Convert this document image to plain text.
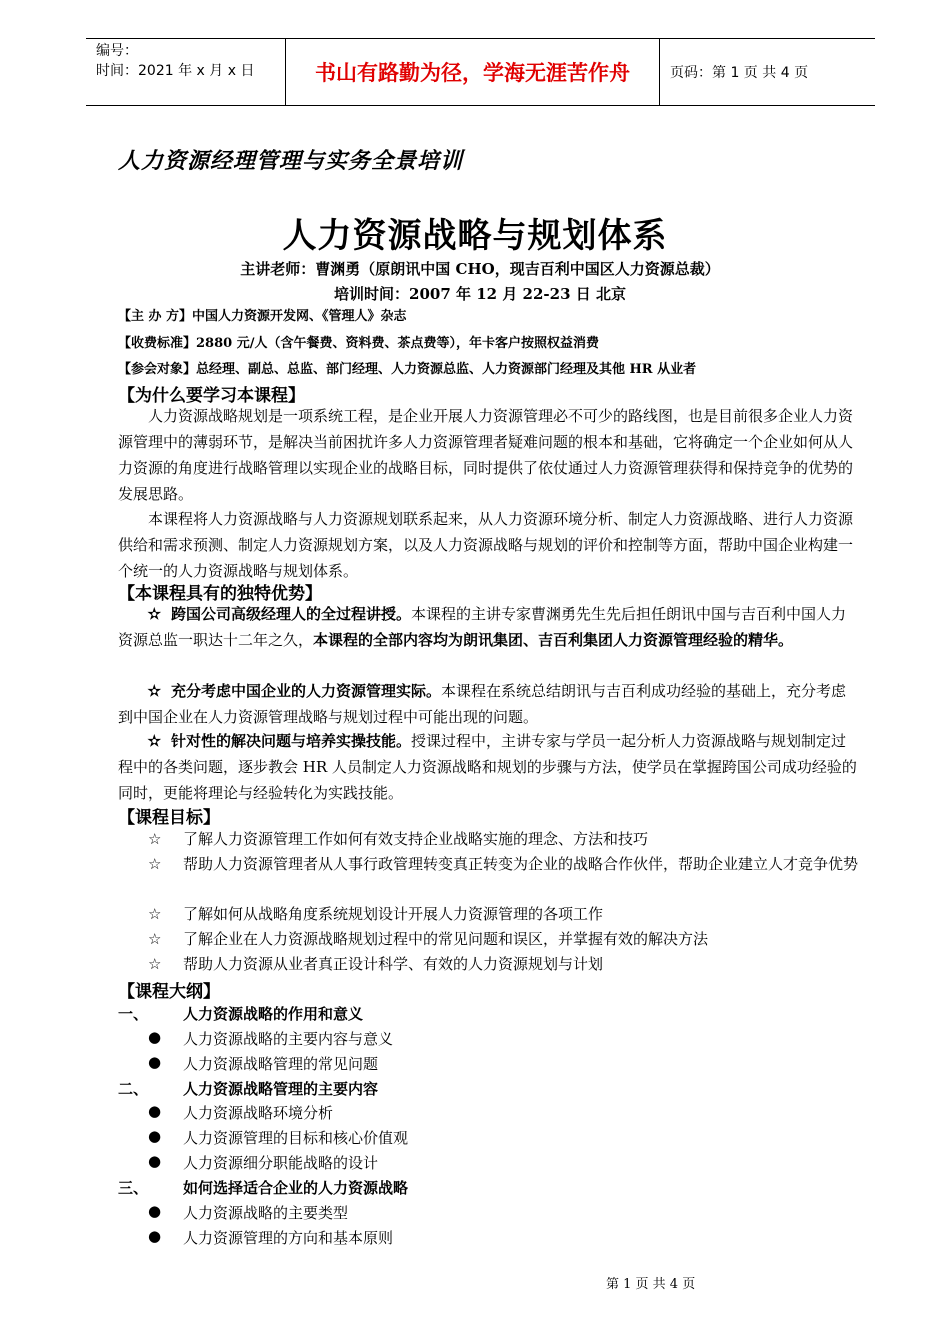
编号：
时间：2021 年 x 月 x 日	书山有路勤为径，学海无涯苦作舟	页码：第 1 页 共 4 页
人力资源经理管理与实务全景培训
人力资源战略与规划体系
主讲老师：曹渊勇（原朗讯中国 CHO，现吉百利中国区人力资源总裁）
培训时间：2007 年 12 月 22-23 日 北京
【主 办 方】中国人力资源开发网、《管理人》杂志
【收费标准】2880 元/人（含午餐费、资料费、茶点费等），年卡客户按照权益消费
【参会对象】总经理、副总、总监、部门经理、人力资源总监、人力资源部门经理及其他 HR 从业者
【为什么要学习本课程】
人力资源战略规划是一项系统工程，是企业开展人力资源管理必不可少的路线图，也是目前很多企业人力资源管理中的薄弱环节，是解决当前困扰许多人力资源管理者疑难问题的根本和基础，它将确定一个企业如何从人力资源的角度进行战略管理以实现企业的战略目标，同时提供了依仗通过人力资源管理获得和保持竞争的优势的发展思路。
本课程将人力资源战略与人力资源规划联系起来，从人力资源环境分析、制定人力资源战略、进行人力资源供给和需求预测、制定人力资源规划方案，以及人力资源战略与规划的评价和控制等方面，帮助中国企业构建一个统一的人力资源战略与规划体系。
【本课程具有的独特优势】
✫ 跨国公司高级经理人的全过程讲授。本课程的主讲专家曹渊勇先生先后担任朗讯中国与吉百利中国人力资源总监一职达十二年之久，本课程的全部内容均为朗讯集团、吉百利集团人力资源管理经验的精华。
✫ 充分考虑中国企业的人力资源管理实际。本课程在系统总结朗讯与吉百利成功经验的基础上，充分考虑到中国企业在人力资源管理战略与规划过程中可能出现的问题。
✫ 针对性的解决问题与培养实操技能。授课过程中，主讲专家与学员一起分析人力资源战略与规划制定过程中的各类问题，逐步教会 HR 人员制定人力资源战略和规划的步骤与方法，使学员在掌握跨国公司成功经验的同时，更能将理论与经验转化为实践技能。
【课程目标】
☆	了解人力资源管理工作如何有效支持企业战略实施的理念、方法和技巧
☆	帮助人力资源管理者从人事行政管理转变真正转变为企业的战略合作伙伴，帮助企业建立人才竞争优势
☆	了解如何从战略角度系统规划设计开展人力资源管理的各项工作
☆	了解企业在人力资源战略规划过程中的常见问题和误区，并掌握有效的解决方法
☆	帮助人力资源从业者真正设计科学、有效的人力资源规划与计划
【课程大纲】
一、	人力资源战略的作用和意义
●	人力资源战略的主要内容与意义
●	人力资源战略管理的常见问题
二、	人力资源战略管理的主要内容
●	人力资源战略环境分析
●	人力资源管理的目标和核心价值观
●	人力资源细分职能战略的设计
三、	如何选择适合企业的人力资源战略
●	人力资源战略的主要类型
●	人力资源管理的方向和基本原则
第 1 页 共 4 页
